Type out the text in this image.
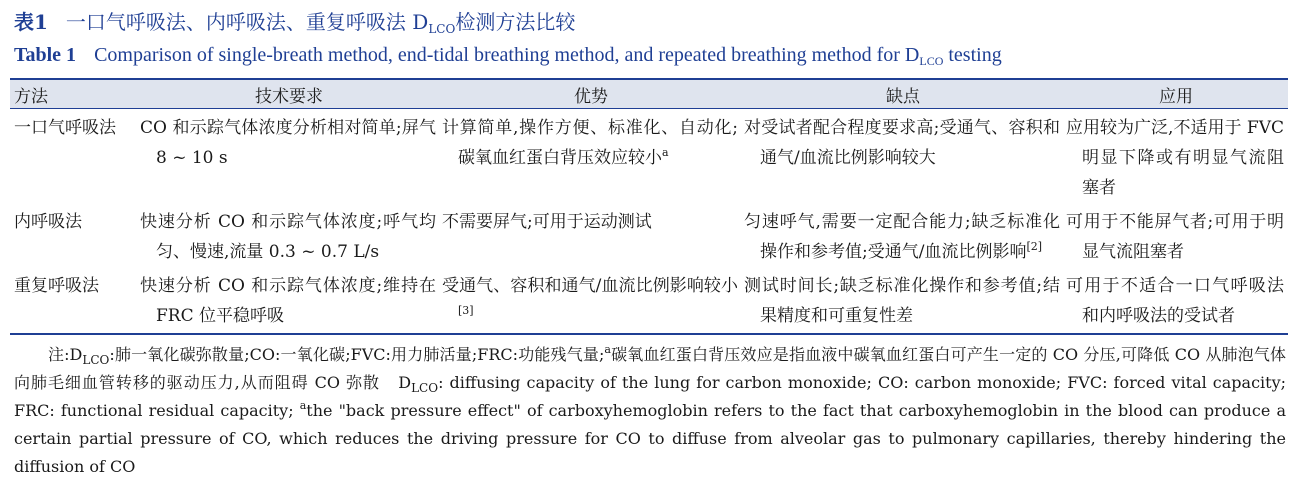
表1 一口气呼吸法、内呼吸法、重复呼吸法 $D_{LCO}$检测方法比较
Table 1 Comparison of single-breath method, end-tidal breathing method, and repeated breathing method for $D_{LCO}$ testing
方法	技术要求	优势	缺点	应用
一口气呼吸法	CO 和示踪气体浓度分析相对简单;屏气 8 ~ 10 s	计算简单,操作方便、标准化、自动化;碳氧血红蛋白背压效应较小$^a$	对受试者配合程度要求高;受通气、容积和通气/血流比例影响较大	应用较为广泛,不适用于 FVC 明显下降或有明显气流阻塞者
内呼吸法	快速分析 CO 和示踪气体浓度;呼气均匀、慢速,流量 0.3 ~ 0.7 L/s	不需要屏气;可用于运动测试	匀速呼气,需要一定配合能力;缺乏标准化操作和参考值;受通气/血流比例影响[2]	可用于不能屏气者;可用于明显气流阻塞者
重复呼吸法	快速分析 CO 和示踪气体浓度;维持在 FRC 位平稳呼吸	受通气、容积和通气/血流比例影响较小[3]	测试时间长;缺乏标准化操作和参考值;结果精度和可重复性差	可用于不适合一口气呼吸法和内呼吸法的受试者
注$:D_{LCO}$:肺一氧化碳弥散量;CO:一氧化碳;FVC:用力肺活量;FRC:功能残气量;$^a$碳氧血红蛋白背压效应是指血液中碳氧血红蛋白可产生一定的 CO 分压,可降低 CO 从肺泡气体向肺毛细血管转移的驱动压力,从而阻碍 CO 弥散 $D_{LCO}$: diffusing capacity of the lung for carbon monoxide; CO: carbon monoxide; FVC: forced vital capacity; FRC: functional residual capacity; $^a$the "back pressure effect" of carboxyhemoglobin refers to the fact that carboxyhemoglobin in the blood can produce a certain partial pressure of CO, which reduces the driving pressure for CO to diffuse from alveolar gas to pulmonary capillaries, thereby hindering the diffusion of CO
